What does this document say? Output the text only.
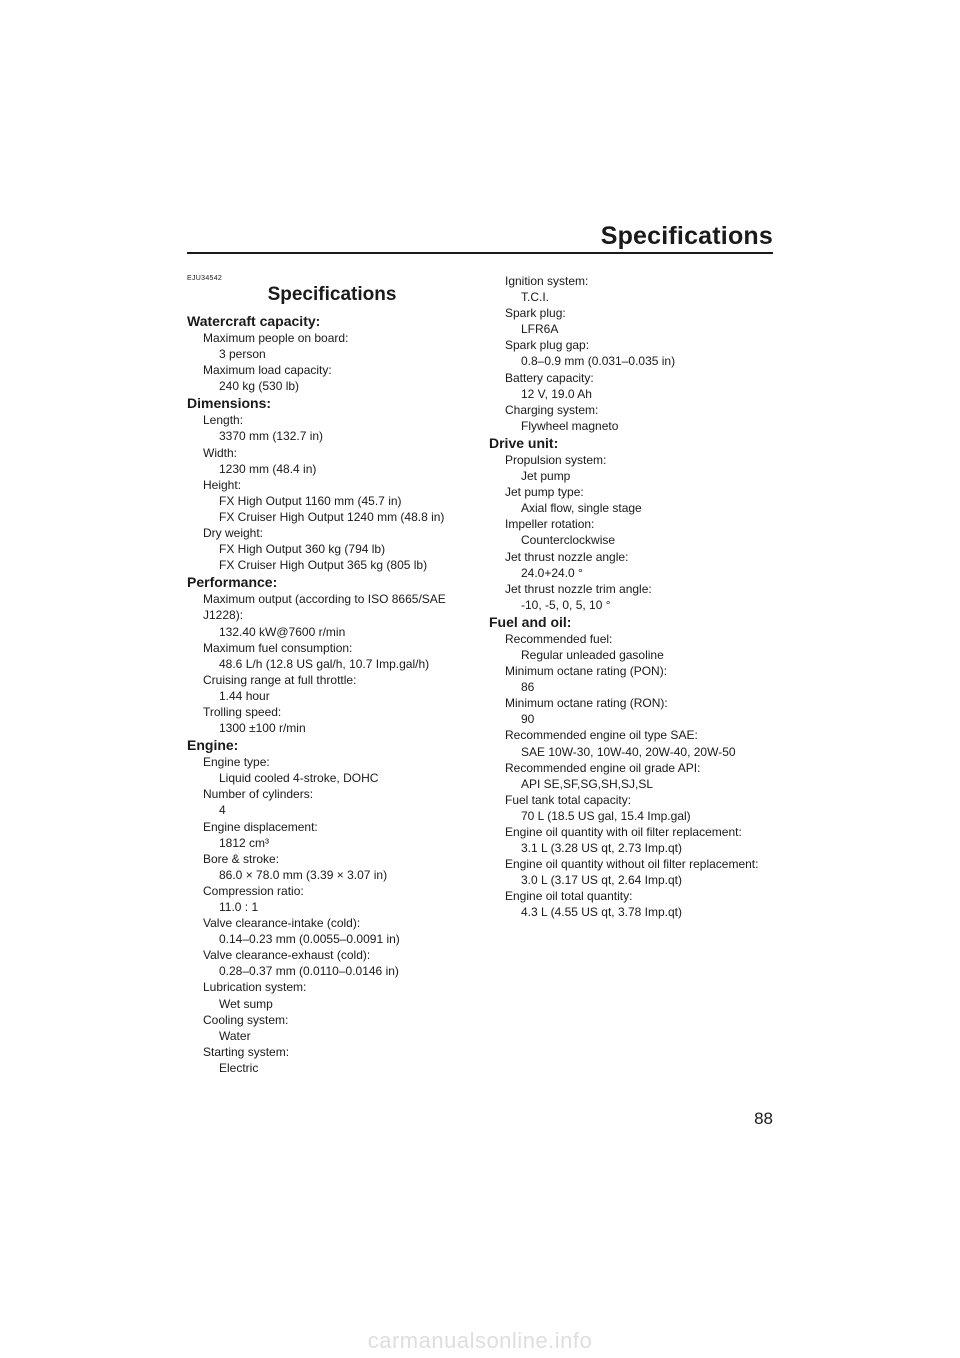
Specifications
EJU34542
Specifications
Watercraft capacity:
Maximum people on board:
3 person
Maximum load capacity:
240 kg (530 lb)
Dimensions:
Length:
3370 mm (132.7 in)
Width:
1230 mm (48.4 in)
Height:
FX High Output 1160 mm (45.7 in)
FX Cruiser High Output 1240 mm (48.8 in)
Dry weight:
FX High Output 360 kg (794 lb)
FX Cruiser High Output 365 kg (805 lb)
Performance:
Maximum output (according to ISO 8665/SAE J1228):
132.40 kW@7600 r/min
Maximum fuel consumption:
48.6 L/h (12.8 US gal/h, 10.7 Imp.gal/h)
Cruising range at full throttle:
1.44 hour
Trolling speed:
1300 ±100 r/min
Engine:
Engine type:
Liquid cooled 4-stroke, DOHC
Number of cylinders:
4
Engine displacement:
1812 cm³
Bore & stroke:
86.0 × 78.0 mm (3.39 × 3.07 in)
Compression ratio:
11.0 : 1
Valve clearance-intake (cold):
0.14–0.23 mm (0.0055–0.0091 in)
Valve clearance-exhaust (cold):
0.28–0.37 mm (0.0110–0.0146 in)
Lubrication system:
Wet sump
Cooling system:
Water
Starting system:
Electric
Ignition system:
T.C.I.
Spark plug:
LFR6A
Spark plug gap:
0.8–0.9 mm (0.031–0.035 in)
Battery capacity:
12 V, 19.0 Ah
Charging system:
Flywheel magneto
Drive unit:
Propulsion system:
Jet pump
Jet pump type:
Axial flow, single stage
Impeller rotation:
Counterclockwise
Jet thrust nozzle angle:
24.0+24.0 °
Jet thrust nozzle trim angle:
-10, -5, 0, 5, 10 °
Fuel and oil:
Recommended fuel:
Regular unleaded gasoline
Minimum octane rating (PON):
86
Minimum octane rating (RON):
90
Recommended engine oil type SAE:
SAE 10W-30, 10W-40, 20W-40, 20W-50
Recommended engine oil grade API:
API SE,SF,SG,SH,SJ,SL
Fuel tank total capacity:
70 L (18.5 US gal, 15.4 Imp.gal)
Engine oil quantity with oil filter replacement:
3.1 L (3.28 US qt, 2.73 Imp.qt)
Engine oil quantity without oil filter replacement:
3.0 L (3.17 US qt, 2.64 Imp.qt)
Engine oil total quantity:
4.3 L (4.55 US qt, 3.78 Imp.qt)
88
carmanualsonline.info
